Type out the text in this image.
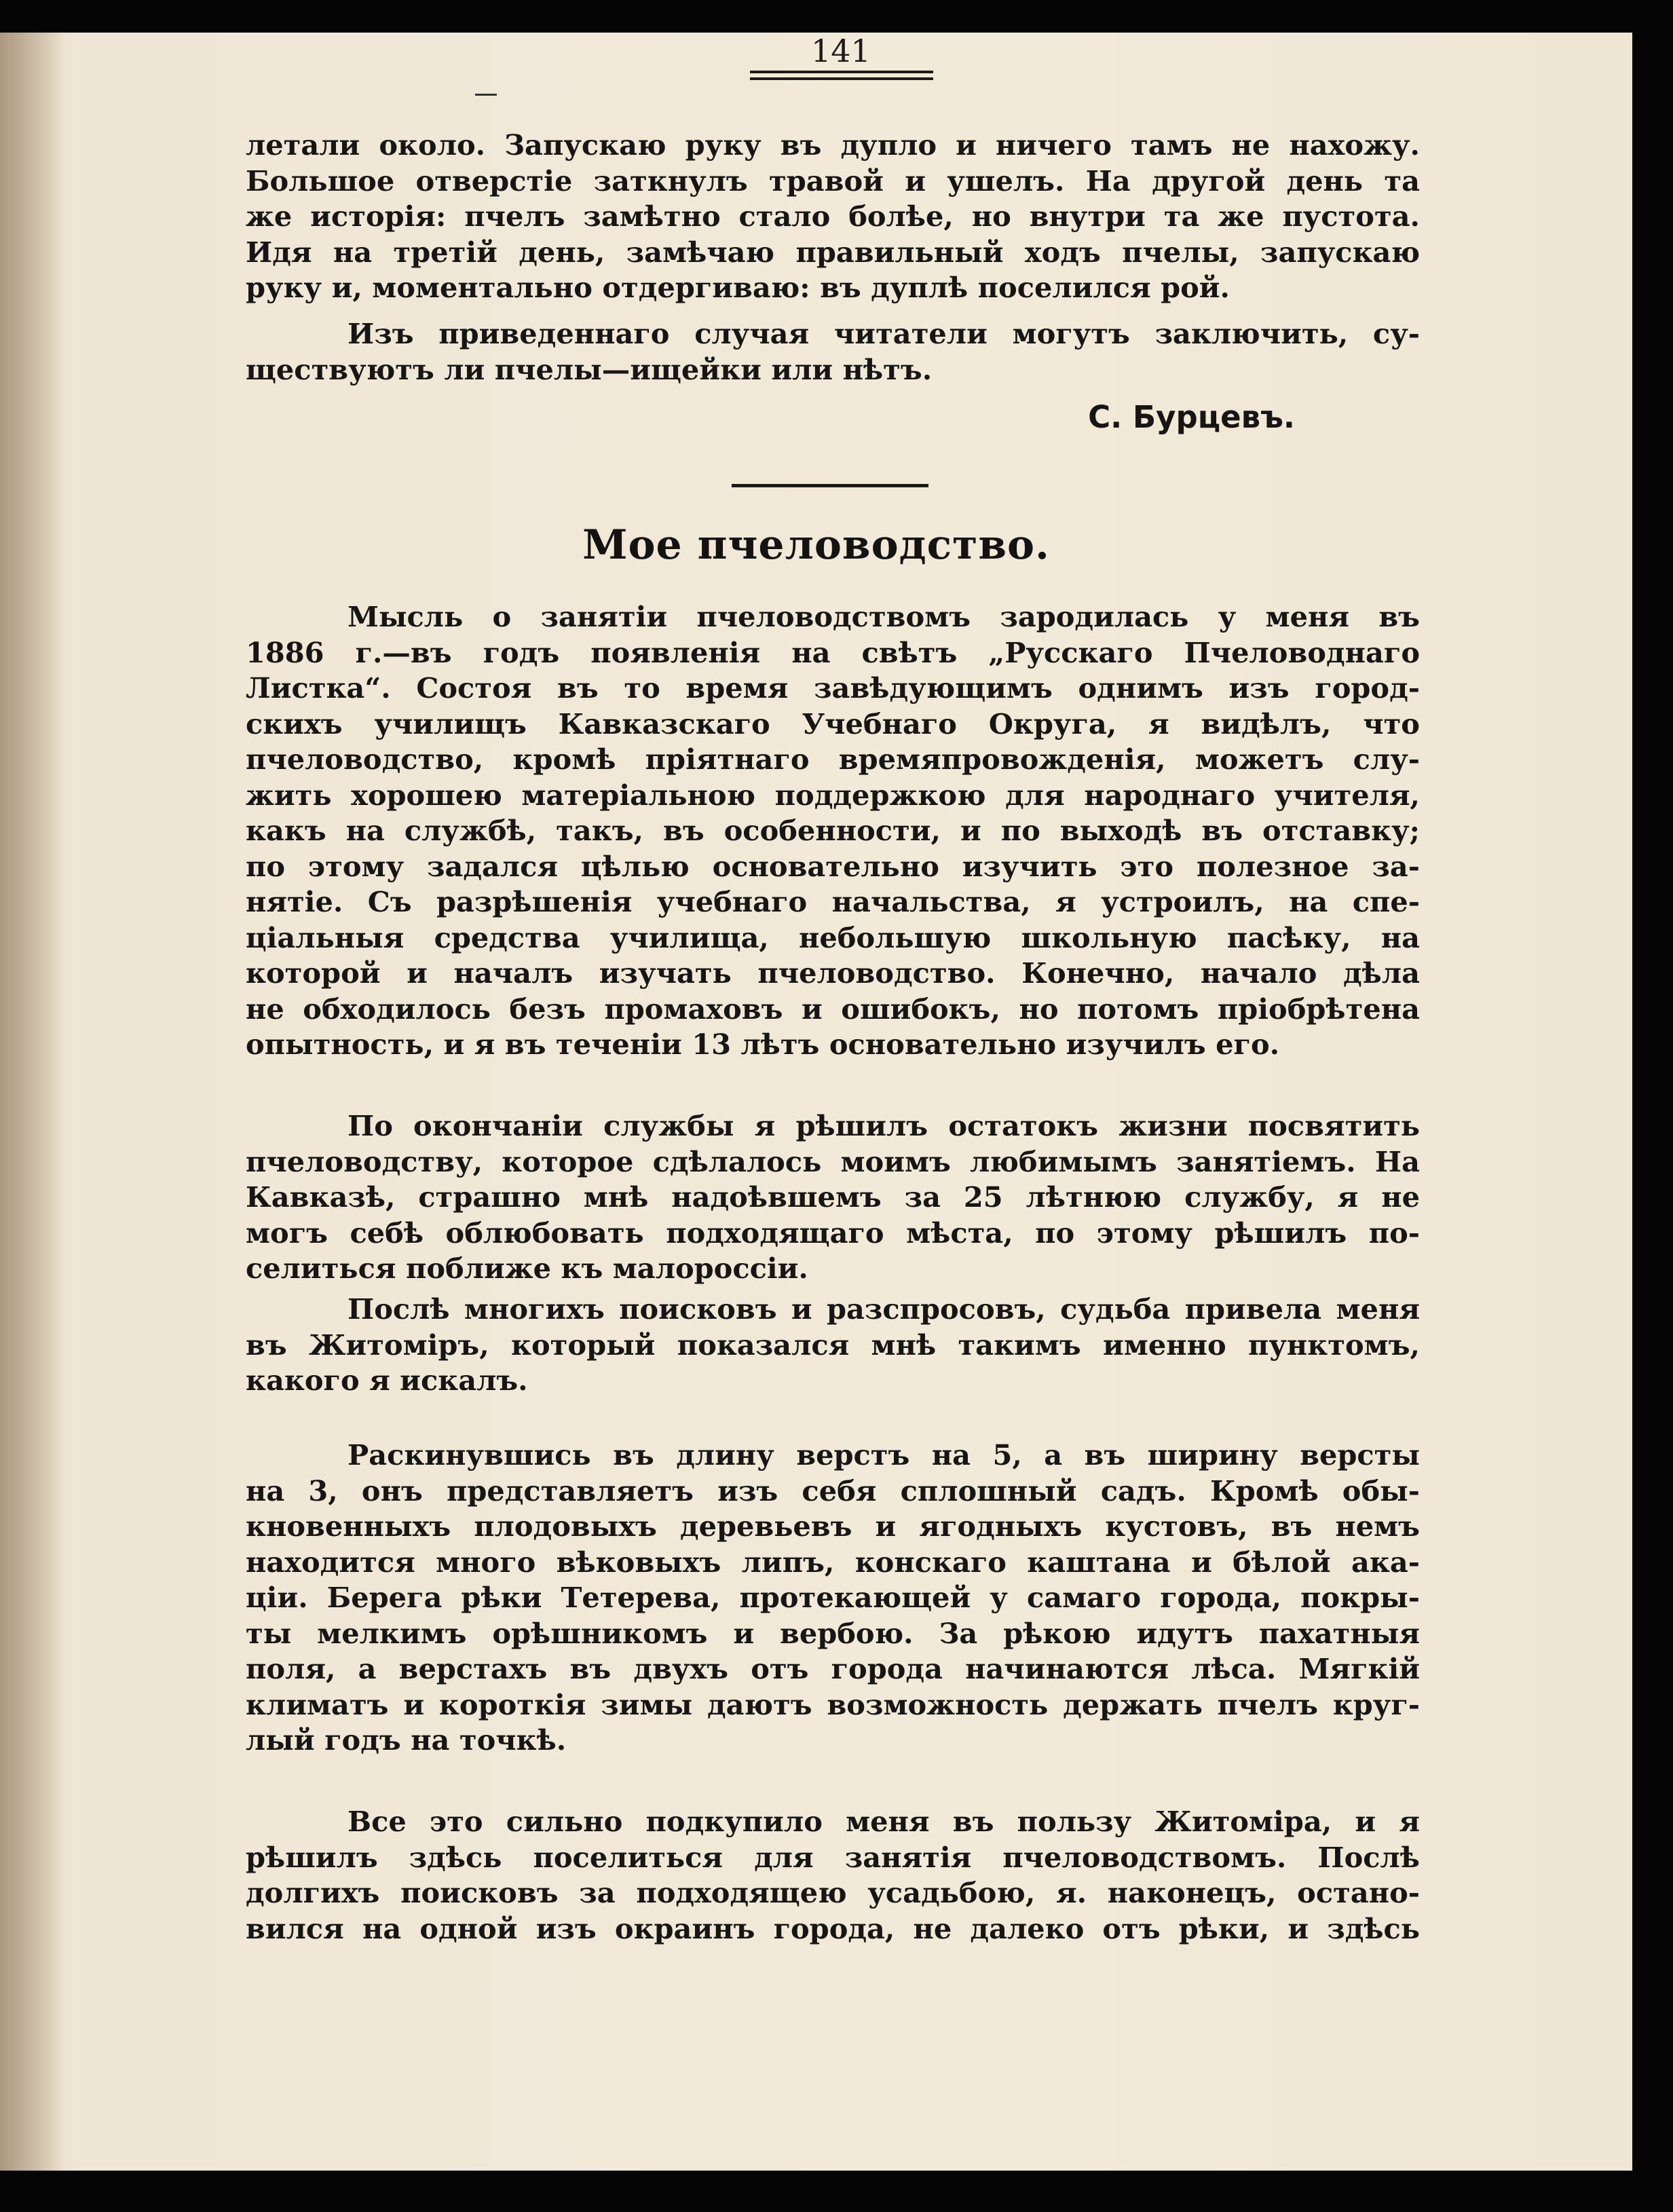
141
летали около. Запускаю руку въ дупло и ничего тамъ не нахожу.
Большое отверстіе заткнулъ травой и ушелъ. На другой день та
же исторія: пчелъ замѣтно стало болѣе, но внутри та же пустота.
Идя на третій день, замѣчаю правильный ходъ пчелы, запускаю
руку и, моментально отдергиваю: въ дуплѣ поселился рой.
Изъ приведеннаго случая читатели могутъ заключить, су-
ществуютъ ли пчелы—ищейки или нѣтъ.
С. Бурцевъ.
Мое пчеловодство.
Мысль о занятіи пчеловодствомъ зародилась у меня въ
1886 г.—въ годъ появленія на свѣтъ „Русскаго Пчеловоднаго
Листка“. Состоя въ то время завѣдующимъ однимъ изъ город-
скихъ училищъ Кавказскаго Учебнаго Округа, я видѣлъ, что
пчеловодство, кромѣ пріятнаго времяпровожденія, можетъ слу-
жить хорошею матеріальною поддержкою для народнаго учителя,
какъ на службѣ, такъ, въ особенности, и по выходѣ въ отставку;
по этому задался цѣлью основательно изучить это полезное за-
нятіе. Съ разрѣшенія учебнаго начальства, я устроилъ, на спе-
ціальныя средства училища, небольшую школьную пасѣку, на
которой и началъ изучать пчеловодство. Конечно, начало дѣла
не обходилось безъ промаховъ и ошибокъ, но потомъ пріобрѣтена
опытность, и я въ теченіи 13 лѣтъ основательно изучилъ его.
По окончаніи службы я рѣшилъ остатокъ жизни посвятить
пчеловодству, которое сдѣлалось моимъ любимымъ занятіемъ. На
Кавказѣ, страшно мнѣ надоѣвшемъ за 25 лѣтнюю службу, я не
могъ себѣ облюбовать подходящаго мѣста, по этому рѣшилъ по-
селиться поближе къ малороссіи.
Послѣ многихъ поисковъ и разспросовъ, судьба привела меня
въ Житоміръ, который показался мнѣ такимъ именно пунктомъ,
какого я искалъ.
Раскинувшись въ длину верстъ на 5, а въ ширину версты
на 3, онъ представляетъ изъ себя сплошный садъ. Кромѣ обы-
кновенныхъ плодовыхъ деревьевъ и ягодныхъ кустовъ, въ немъ
находится много вѣковыхъ липъ, конскаго каштана и бѣлой ака-
ціи. Берега рѣки Тетерева, протекающей у самаго города, покры-
ты мелкимъ орѣшникомъ и вербою. За рѣкою идутъ пахатныя
поля, а верстахъ въ двухъ отъ города начинаются лѣса. Мягкій
климатъ и короткія зимы даютъ возможность держать пчелъ круг-
лый годъ на точкѣ.
Все это сильно подкупило меня въ пользу Житоміра, и я
рѣшилъ здѣсь поселиться для занятія пчеловодствомъ. Послѣ
долгихъ поисковъ за подходящею усадьбою, я. наконецъ, остано-
вился на одной изъ окраинъ города, не далеко отъ рѣки, и здѣсь
